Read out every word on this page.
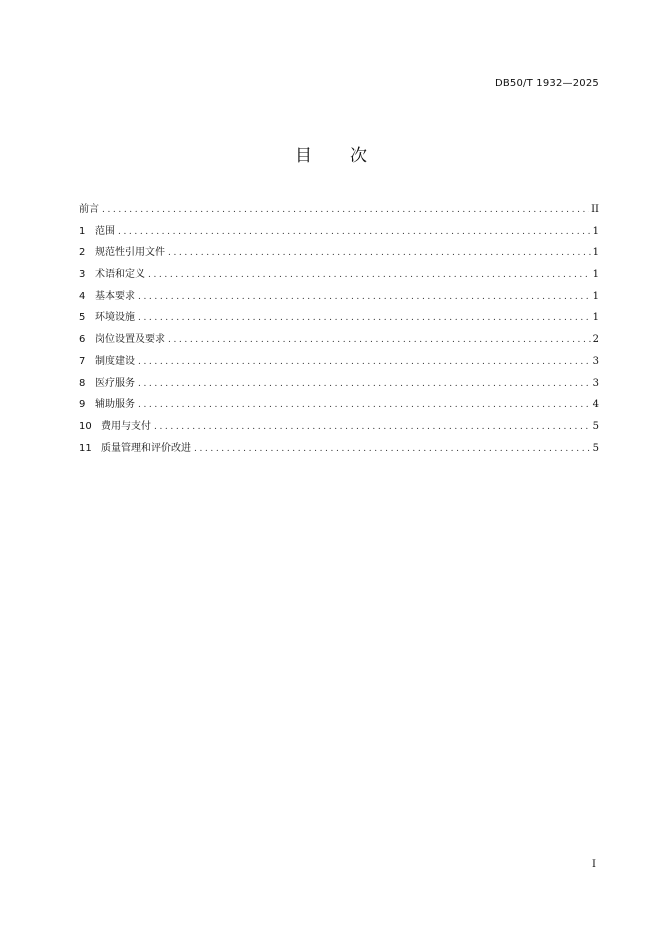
DB50/T 1932—2025
目 次
前言 .....	II
1 范围 .....	1
2 规范性引用文件 .....	1
3 术语和定义 .....	1
4 基本要求 .....	1
5 环境设施 .....	1
6 岗位设置及要求 .....	2
7 制度建设 .....	3
8 医疗服务 .....	3
9 辅助服务 .....	4
10 费用与支付 .....	5
11 质量管理和评价改进 .....	5
I
